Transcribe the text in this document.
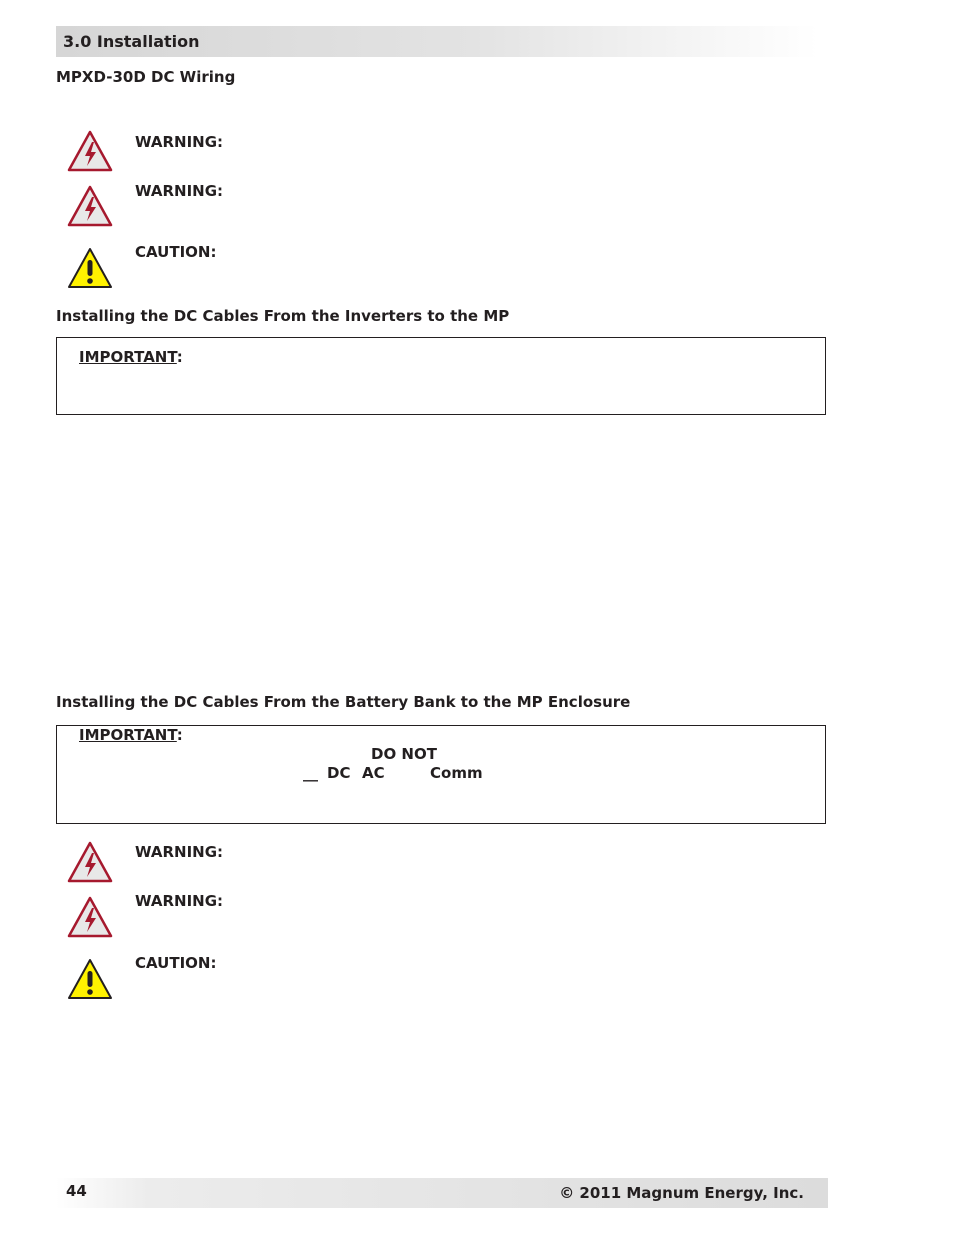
3.0 Installation
MPXD-30D DC Wiring
WARNING:
WARNING:
CAUTION:
Installing the DC Cables From the Inverters to the MP
IMPORTANT:
Installing the DC Cables From the Battery Bank to the MP Enclosure
IMPORTANT:
DO NOT
__ DC AC	Comm
WARNING:
WARNING:
CAUTION:
44	© 2011 Magnum Energy, Inc.
